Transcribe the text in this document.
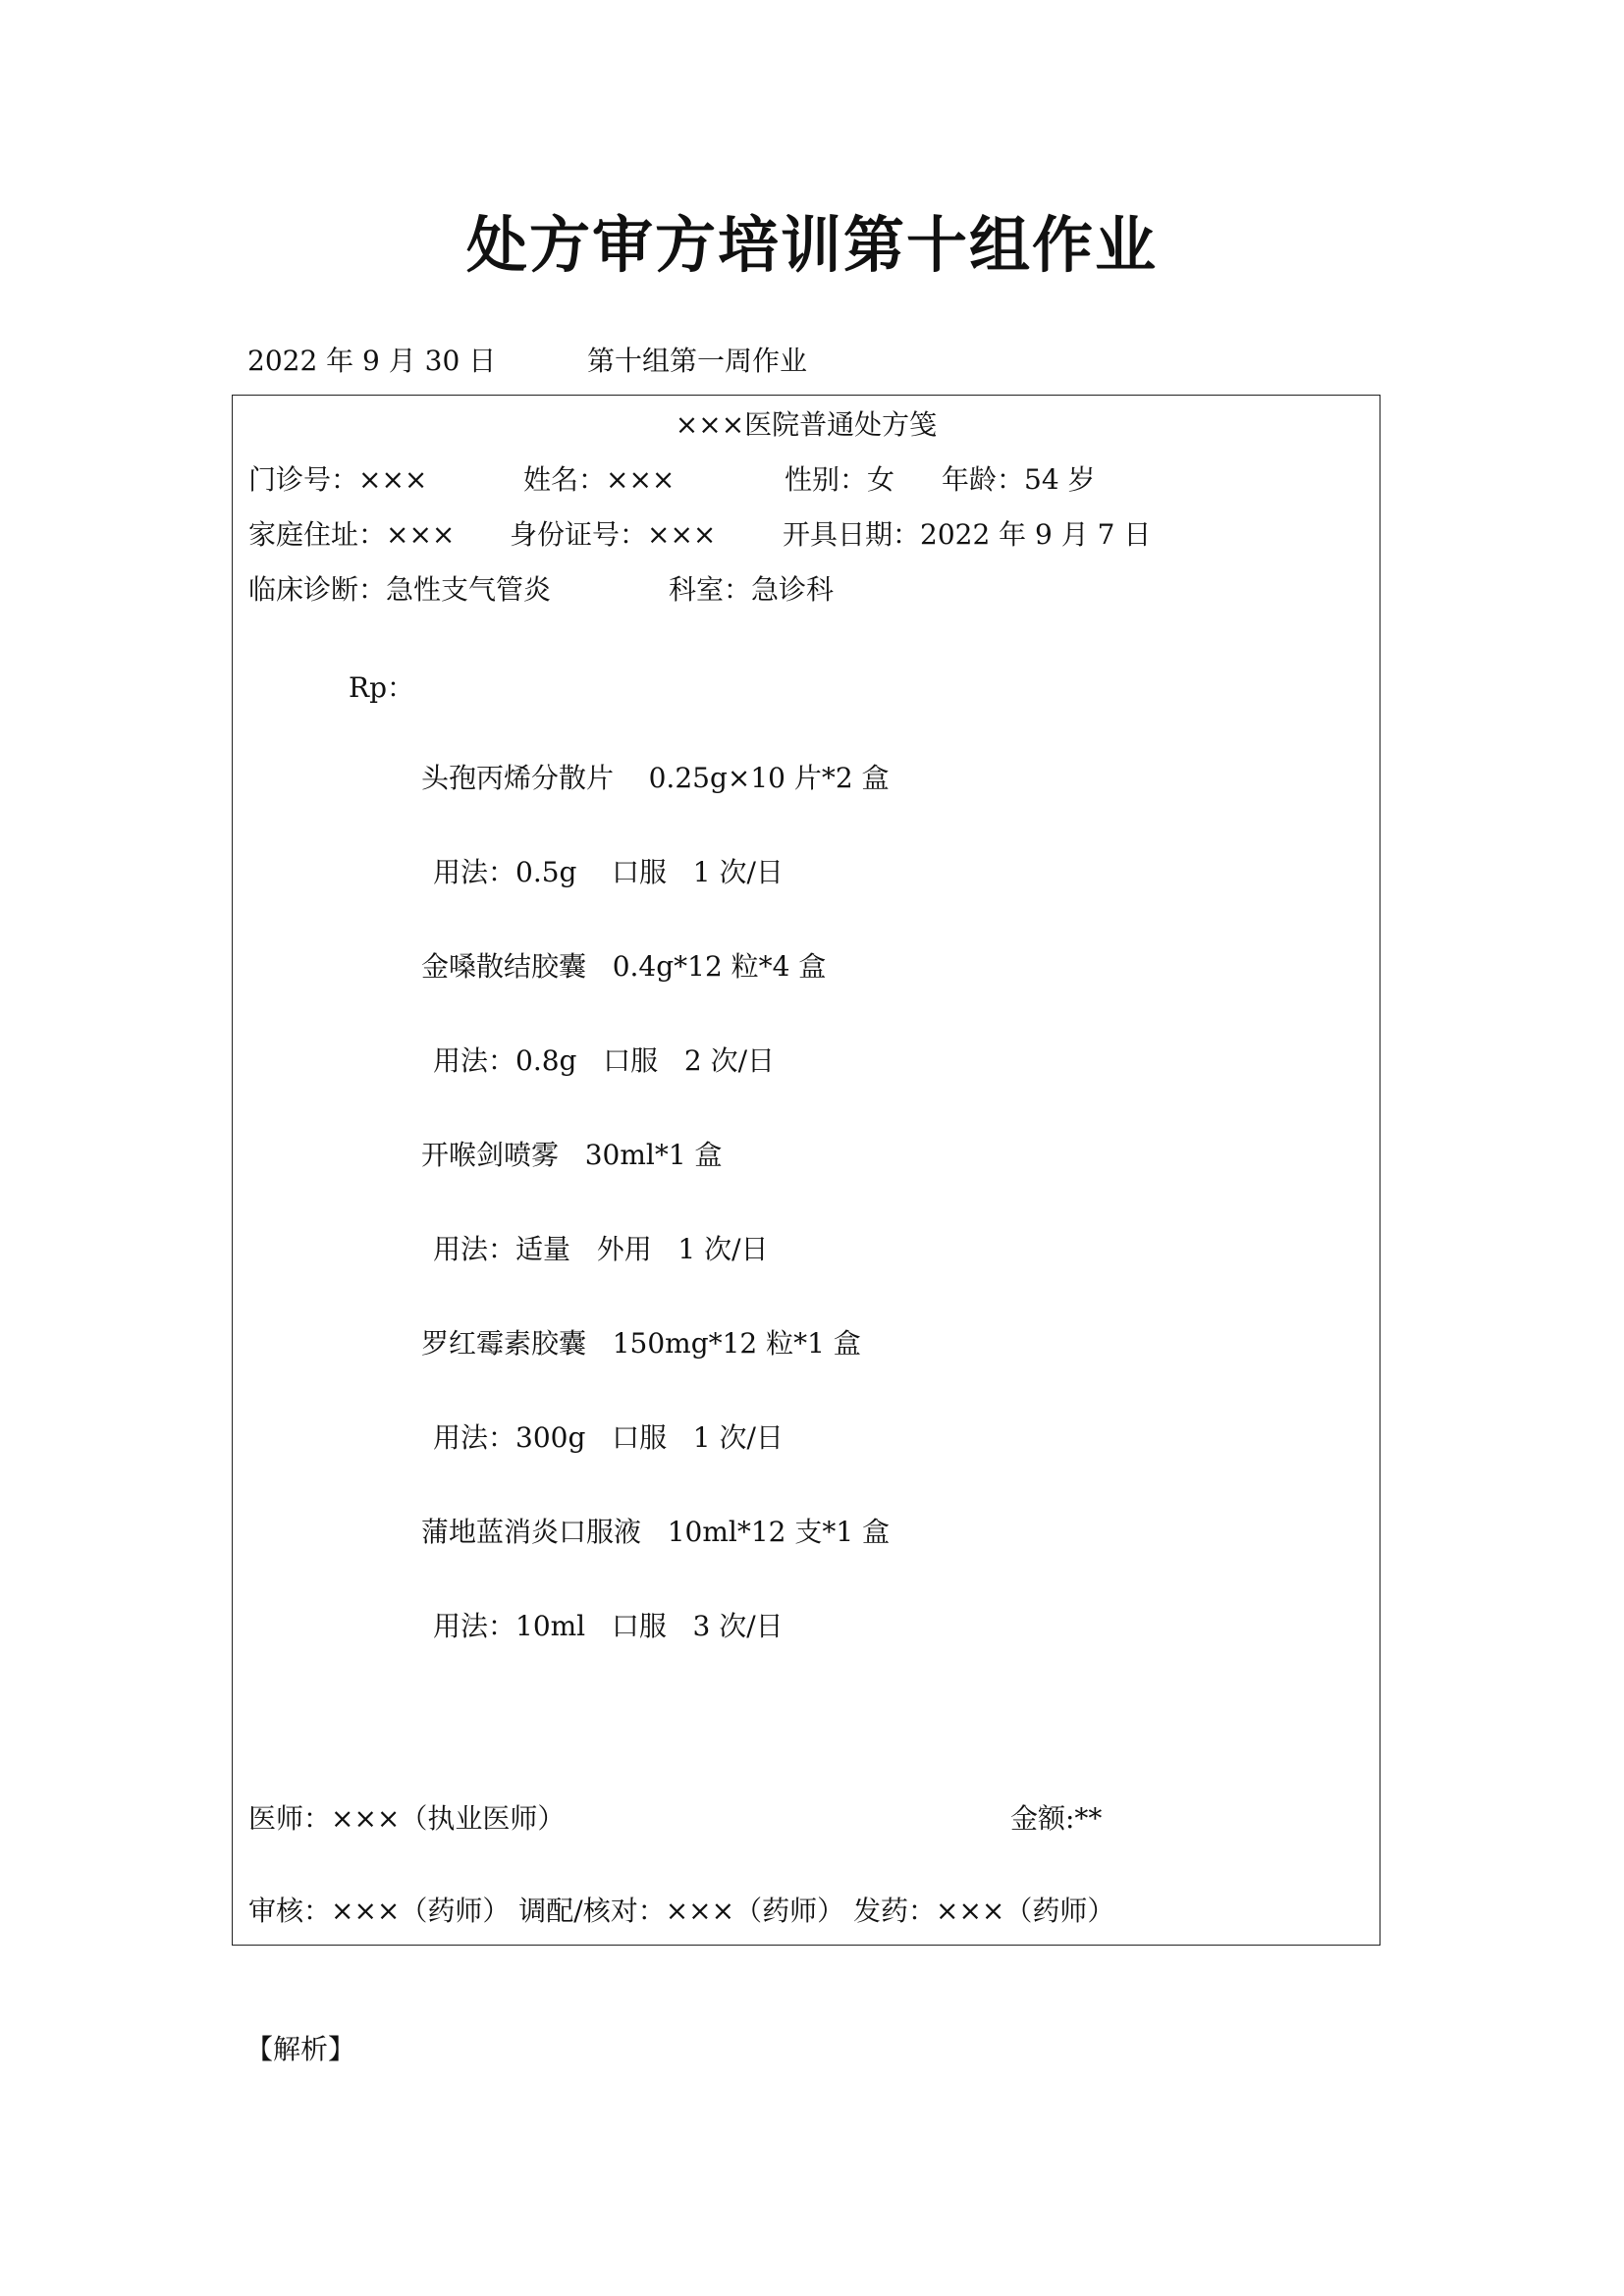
处方审方培训第十组作业
2022 年 9 月 30 日	第十组第一周作业
×××医院普通处方笺
门诊号：×××	姓名：×××	性别：女 年龄：54 岁
家庭住址：××× 身份证号：××× 开具日期：2022 年 9 月 7 日
临床诊断：急性支气管炎	科室：急诊科
Rp：
头孢丙烯分散片    0.25g×10 片*2 盒
用法：0.5g    口服   1 次/日
金嗓散结胶囊   0.4g*12 粒*4 盒
用法：0.8g   口服   2 次/日
开喉剑喷雾   30ml*1 盒
用法：适量   外用   1 次/日
罗红霉素胶囊   150mg*12 粒*1 盒
用法：300g   口服   1 次/日
蒲地蓝消炎口服液   10ml*12 支*1 盒
用法：10ml   口服   3 次/日
医师：×××（执业医师）	金额:**
审核：×××（药师） 调配/核对：×××（药师） 发药：×××（药师）
【解析】
